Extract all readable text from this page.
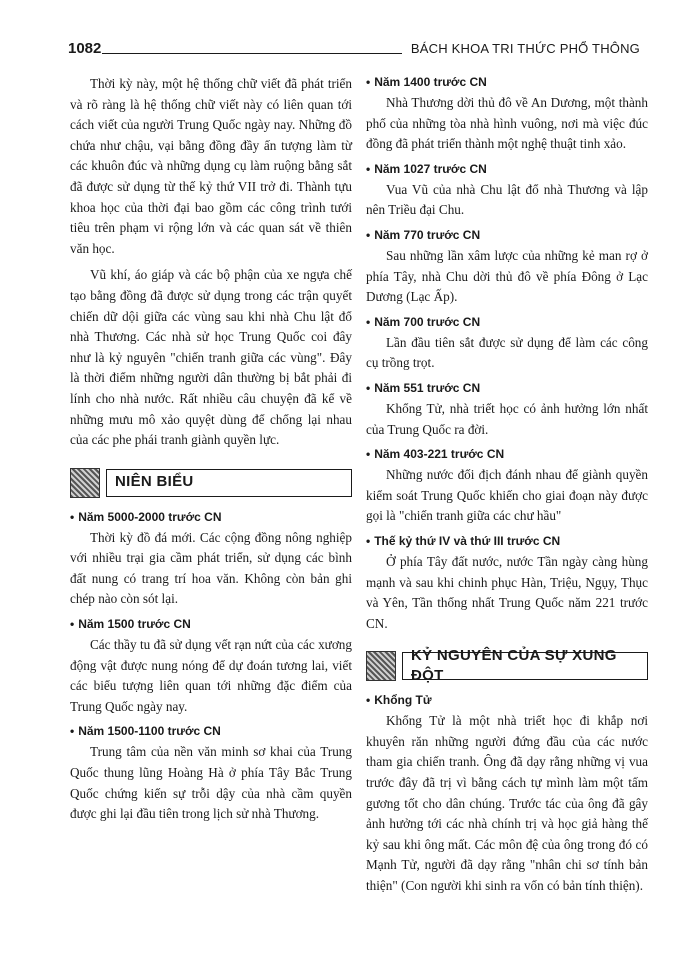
1082	BÁCH KHOA TRI THỨC PHỔ THÔNG

Thời kỳ này, một hệ thống chữ viết đã phát triển và rõ ràng là hệ thống chữ viết này có liên quan tới cách viết của người Trung Quốc ngày nay. Những đồ chứa như chậu, vại bằng đồng đầy ấn tượng làm từ các khuôn đúc và những dụng cụ làm ruộng bằng sắt đã được sử dụng từ thế kỷ thứ VII trở đi. Thành tựu khoa học của thời đại bao gồm các công trình tưới tiêu trên phạm vi rộng lớn và các quan sát về thiên văn học.

Vũ khí, áo giáp và các bộ phận của xe ngựa chế tạo bằng đồng đã được sử dụng trong các trận quyết chiến dữ dội giữa các vùng sau khi nhà Chu lật đổ nhà Thương. Các nhà sử học Trung Quốc coi đây như là kỷ nguyên "chiến tranh giữa các vùng". Đây là thời điểm những người dân thường bị bắt phải đi lính cho nhà nước. Rất nhiều câu chuyện đã kể về những mưu mô xảo quyệt dùng để chống lại nhau của các phe phái tranh giành quyền lực.

NIÊN BIỂU
• Năm 5000-2000 trước CN

Thời kỳ đồ đá mới. Các cộng đồng nông nghiệp với nhiều trại gia cầm phát triển, sử dụng các bình đất nung có trang trí hoa văn. Không còn bản ghi chép nào còn sót lại.

• Năm 1500 trước CN

Các thầy tu đã sử dụng vết rạn nứt của các xương động vật được nung nóng để dự đoán tương lai, viết các biểu tượng liên quan tới những đặc điểm của Trung Quốc ngày nay.

• Năm 1500-1100 trước CN

Trung tâm của nền văn minh sơ khai của Trung Quốc thung lũng Hoàng Hà ở phía Tây Bắc Trung Quốc chứng kiến sự trỗi dậy của nhà cầm quyền được ghi lại đầu tiên trong lịch sử nhà Thương.

• Năm 1400 trước CN

Nhà Thương dời thủ đô về An Dương, một thành phố của những tòa nhà hình vuông, nơi mà việc đúc đồng đã phát triển thành một nghệ thuật tinh xảo.

• Năm 1027 trước CN

Vua Vũ của nhà Chu lật đổ nhà Thương và lập nên Triều đại Chu.

• Năm 770 trước CN

Sau những lần xâm lược của những kẻ man rợ ở phía Tây, nhà Chu dời thủ đô về phía Đông ở Lạc Dương (Lạc Ấp).

• Năm 700 trước CN

Lần đầu tiên sắt được sử dụng để làm các công cụ trồng trọt.

• Năm 551 trước CN

Khổng Tử, nhà triết học có ảnh hưởng lớn nhất của Trung Quốc ra đời.

• Năm 403-221 trước CN

Những nước đối địch đánh nhau để giành quyền kiểm soát Trung Quốc khiến cho giai đoạn này được gọi là "chiến tranh giữa các chư hầu"

• Thế kỷ thứ IV và thứ III trước CN

Ở phía Tây đất nước, nước Tần ngày càng hùng mạnh và sau khi chinh phục Hàn, Triệu, Ngụy, Thục và Yên, Tần thống nhất Trung Quốc năm 221 trước CN.

KỶ NGUYÊN CỦA SỰ XUNG ĐỘT
• Khổng Tử

Khổng Tử là một nhà triết học đi khắp nơi khuyên răn những người đứng đầu của các nước tham gia chiến tranh. Ông đã dạy rằng những vị vua trước đây đã trị vì bằng cách tự mình làm một tấm gương tốt cho dân chúng. Trước tác của ông đã gây ảnh hưởng tới các nhà chính trị và học giả hàng thế kỷ sau khi ông mất. Các môn đệ của ông trong đó có Mạnh Tử, người đã dạy rằng "nhân chi sơ tính bản thiện" (Con người khi sinh ra vốn có bản tính thiện).
